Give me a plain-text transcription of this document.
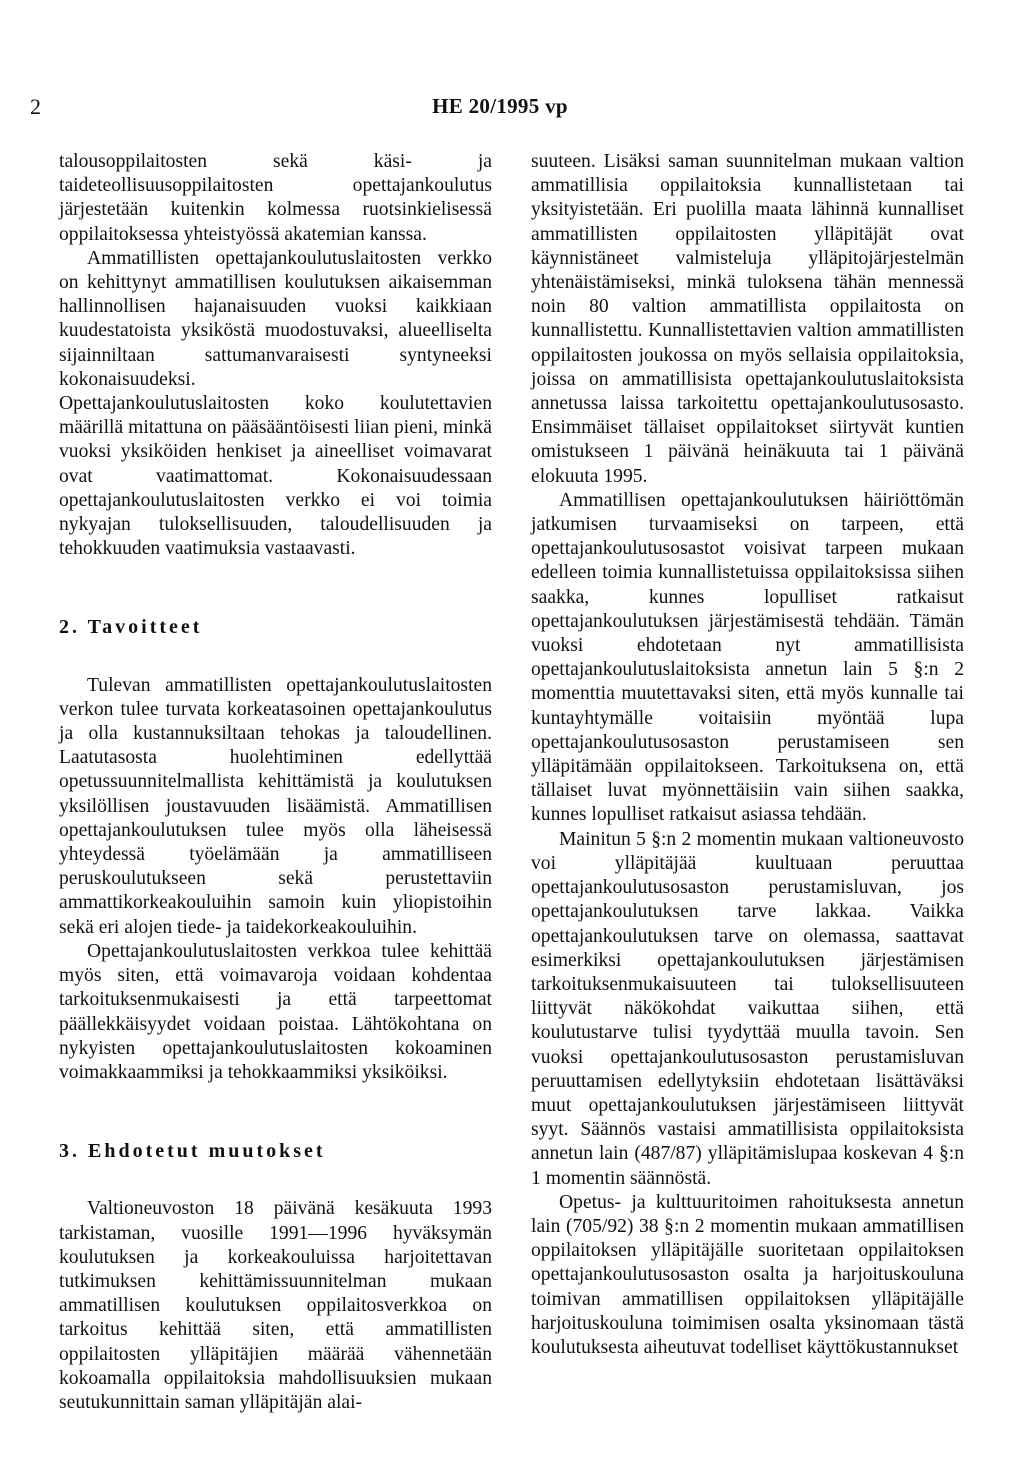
2	HE 20/1995 vp

talousoppilaitosten sekä käsi- ja taideteollisuusoppilaitosten opettajankoulutus järjestetään kuitenkin kolmessa ruotsinkielisessä oppilaitoksessa yhteistyössä akatemian kanssa.

Ammatillisten opettajankoulutuslaitosten verkko on kehittynyt ammatillisen koulutuksen aikaisemman hallinnollisen hajanaisuuden vuoksi kaikkiaan kuudestatoista yksiköstä muodostuvaksi, alueelliselta sijainniltaan sattumanvaraisesti syntyneeksi kokonaisuudeksi.

Opettajankoulutuslaitosten koko koulutettavien määrillä mitattuna on pääsääntöisesti liian pieni, minkä vuoksi yksiköiden henkiset ja aineelliset voimavarat ovat vaatimattomat. Kokonaisuudessaan opettajankoulutuslaitosten verkko ei voi toimia nykyajan tuloksellisuuden, taloudellisuuden ja tehokkuuden vaatimuksia vastaavasti.

2. Tavoitteet

Tulevan ammatillisten opettajankoulutuslaitosten verkon tulee turvata korkeatasoinen opettajankoulutus ja olla kustannuksiltaan tehokas ja taloudellinen. Laatutasosta huolehtiminen edellyttää opetussuunnitelmallista kehittämistä ja koulutuksen yksilöllisen joustavuuden lisäämistä. Ammatillisen opettajankoulutuksen tulee myös olla läheisessä yhteydessä työelämään ja ammatilliseen peruskoulutukseen sekä perustettaviin ammattikorkeakouluihin samoin kuin yliopistoihin sekä eri alojen tiede- ja taidekorkeakouluihin.

Opettajankoulutuslaitosten verkkoa tulee kehittää myös siten, että voimavaroja voidaan kohdentaa tarkoituksenmukaisesti ja että tarpeettomat päällekkäisyydet voidaan poistaa. Lähtökohtana on nykyisten opettajankoulutuslaitosten kokoaminen voimakkaammiksi ja tehokkaammiksi yksiköiksi.

3. Ehdotetut muutokset

Valtioneuvoston 18 päivänä kesäkuuta 1993 tarkistaman, vuosille 1991—1996 hyväksymän koulutuksen ja korkeakouluissa harjoitettavan tutkimuksen kehittämissuunnitelman mukaan ammatillisen koulutuksen oppilaitosverkkoa on tarkoitus kehittää siten, että ammatillisten oppilaitosten ylläpitäjien määrää vähennetään kokoamalla oppilaitoksia mahdollisuuksien mukaan seutukunnittain saman ylläpitäjän alai-

suuteen. Lisäksi saman suunnitelman mukaan valtion ammatillisia oppilaitoksia kunnallistetaan tai yksityistetään. Eri puolilla maata lähinnä kunnalliset ammatillisten oppilaitosten ylläpitäjät ovat käynnistäneet valmisteluja ylläpitojärjestelmän yhtenäistämiseksi, minkä tuloksena tähän mennessä noin 80 valtion ammatillista oppilaitosta on kunnallistettu. Kunnallistettavien valtion ammatillisten oppilaitosten joukossa on myös sellaisia oppilaitoksia, joissa on ammatillisista opettajankoulutuslaitoksista annetussa laissa tarkoitettu opettajankoulutusosasto. Ensimmäiset tällaiset oppilaitokset siirtyvät kuntien omistukseen 1 päivänä heinäkuuta tai 1 päivänä elokuuta 1995.

Ammatillisen opettajankoulutuksen häiriöttömän jatkumisen turvaamiseksi on tarpeen, että opettajankoulutusosastot voisivat tarpeen mukaan edelleen toimia kunnallistetuissa oppilaitoksissa siihen saakka, kunnes lopulliset ratkaisut opettajankoulutuksen järjestämisestä tehdään. Tämän vuoksi ehdotetaan nyt ammatillisista opettajankoulutuslaitoksista annetun lain 5 §:n 2 momenttia muutettavaksi siten, että myös kunnalle tai kuntayhtymälle voitaisiin myöntää lupa opettajankoulutusosaston perustamiseen sen ylläpitämään oppilaitokseen. Tarkoituksena on, että tällaiset luvat myönnettäisiin vain siihen saakka, kunnes lopulliset ratkaisut asiassa tehdään.

Mainitun 5 §:n 2 momentin mukaan valtioneuvosto voi ylläpitäjää kuultuaan peruuttaa opettajankoulutusosaston perustamisluvan, jos opettajankoulutuksen tarve lakkaa. Vaikka opettajankoulutuksen tarve on olemassa, saattavat esimerkiksi opettajankoulutuksen järjestämisen tarkoituksenmukaisuuteen tai tuloksellisuuteen liittyvät näkökohdat vaikuttaa siihen, että koulutustarve tulisi tyydyttää muulla tavoin. Sen vuoksi opettajankoulutusosaston perustamisluvan peruuttamisen edellytyksiin ehdotetaan lisättäväksi muut opettajankoulutuksen järjestämiseen liittyvät syyt. Säännös vastaisi ammatillisista oppilaitoksista annetun lain (487/87) ylläpitämislupaa koskevan 4 §:n 1 momentin säännöstä.

Opetus- ja kulttuuritoimen rahoituksesta annetun lain (705/92) 38 §:n 2 momentin mukaan ammatillisen oppilaitoksen ylläpitäjälle suoritetaan oppilaitoksen opettajankoulutusosaston osalta ja harjoituskouluna toimivan ammatillisen oppilaitoksen ylläpitäjälle harjoituskouluna toimimisen osalta yksinomaan tästä koulutuksesta aiheutuvat todelliset käyttökustannukset
